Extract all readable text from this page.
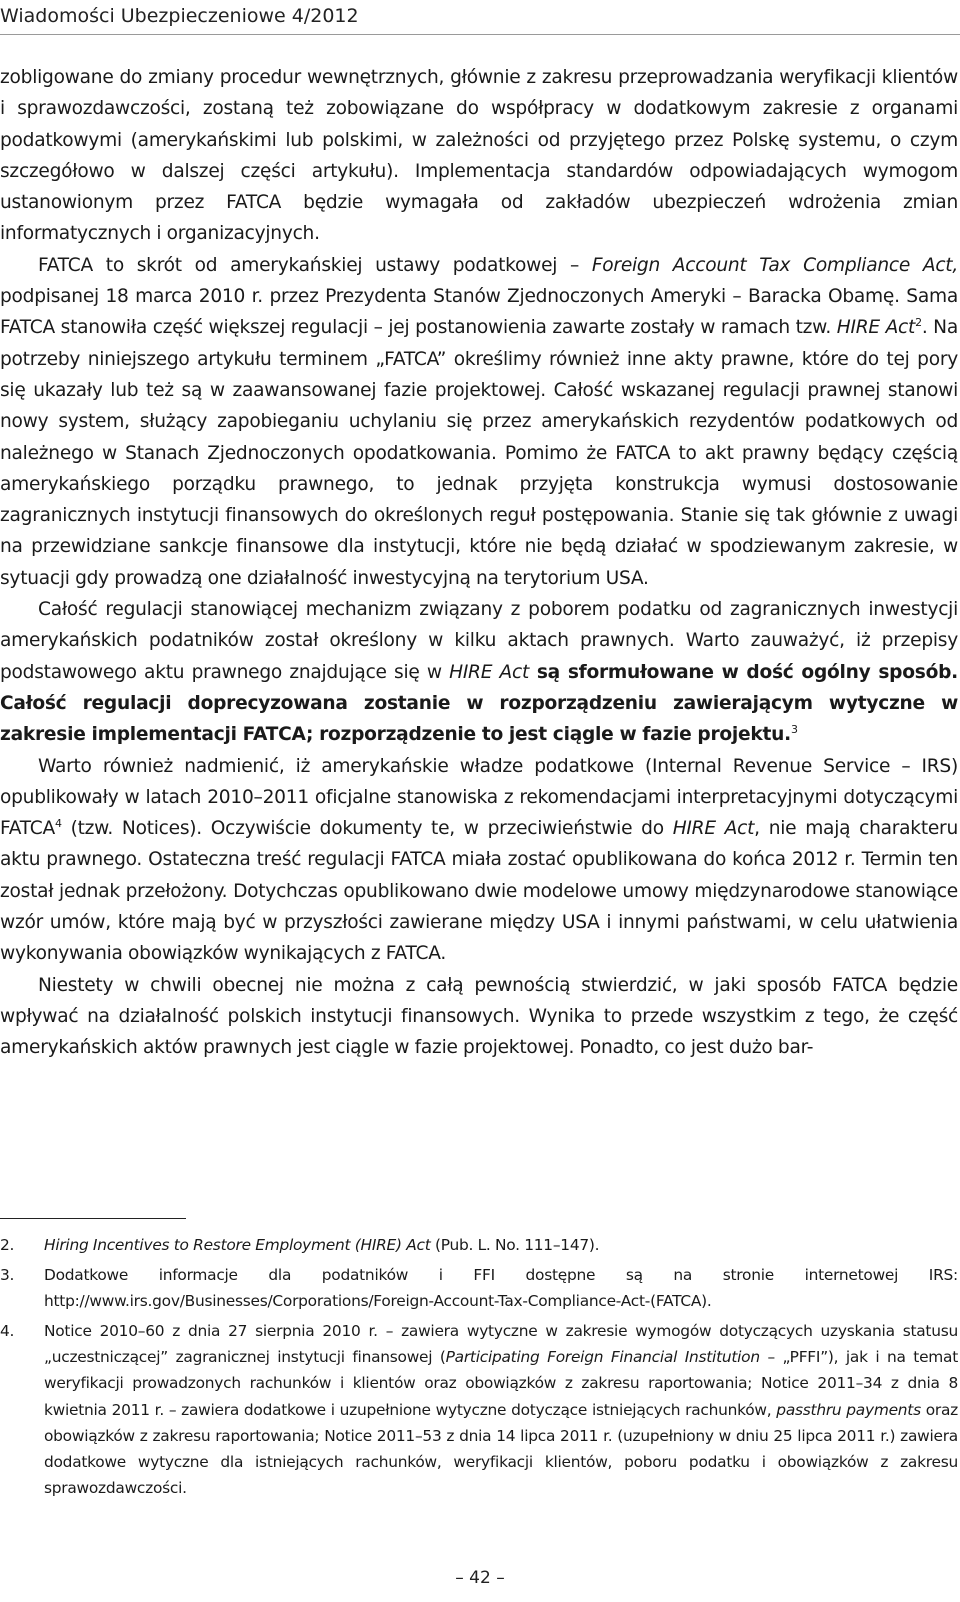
Wiadomości Ubezpieczeniowe 4/2012

zobligowane do zmiany procedur wewnętrznych, głównie z zakresu przeprowadzania weryfikacji klientów i sprawozdawczości, zostaną też zobowiązane do współpracy w dodatkowym zakresie z organami podatkowymi (amerykańskimi lub polskimi, w zależności od przyjętego przez Polskę systemu, o czym szczegółowo w dalszej części artykułu). Implementacja standardów odpowiadających wymogom ustanowionym przez FATCA będzie wymagała od zakładów ubezpieczeń wdrożenia zmian informatycznych i organizacyjnych.

FATCA to skrót od amerykańskiej ustawy podatkowej – Foreign Account Tax Compliance Act, podpisanej 18 marca 2010 r. przez Prezydenta Stanów Zjednoczonych Ameryki – Baracka Obamę. Sama FATCA stanowiła część większej regulacji – jej postanowienia zawarte zostały w ramach tzw. HIRE Act$^2$. Na potrzeby niniejszego artykułu terminem „FATCA” określimy również inne akty prawne, które do tej pory się ukazały lub też są w zaawansowanej fazie projektowej. Całość wskazanej regulacji prawnej stanowi nowy system, służący zapobieganiu uchylaniu się przez amerykańskich rezydentów podatkowych od należnego w Stanach Zjednoczonych opodatkowania. Pomimo że FATCA to akt prawny będący częścią amerykańskiego porządku prawnego, to jednak przyjęta konstrukcja wymusi dostosowanie zagranicznych instytucji finansowych do określonych reguł postępowania. Stanie się tak głównie z uwagi na przewidziane sankcje finansowe dla instytucji, które nie będą działać w spodziewanym zakresie, w sytuacji gdy prowadzą one działalność inwestycyjną na terytorium USA.

Całość regulacji stanowiącej mechanizm związany z poborem podatku od zagranicznych inwestycji amerykańskich podatników został określony w kilku aktach prawnych. Warto zauważyć, iż przepisy podstawowego aktu prawnego znajdujące się w HIRE Act są sformułowane w dość ogólny sposób. Całość regulacji doprecyzowana zostanie w rozporządzeniu zawierającym wytyczne w zakresie implementacji FATCA; rozporządzenie to jest ciągle w fazie projektu.$^3$

Warto również nadmienić, iż amerykańskie władze podatkowe (Internal Revenue Service – IRS) opublikowały w latach 2010–2011 oficjalne stanowiska z rekomendacjami interpretacyjnymi dotyczącymi FATCA$^4$ (tzw. Notices). Oczywiście dokumenty te, w przeciwieństwie do HIRE Act, nie mają charakteru aktu prawnego. Ostateczna treść regulacji FATCA miała zostać opublikowana do końca 2012 r. Termin ten został jednak przełożony. Dotychczas opublikowano dwie modelowe umowy międzynarodowe stanowiące wzór umów, które mają być w przyszłości zawierane między USA i innymi państwami, w celu ułatwienia wykonywania obowiązków wynikających z FATCA.

Niestety w chwili obecnej nie można z całą pewnością stwierdzić, w jaki sposób FATCA będzie wpływać na działalność polskich instytucji finansowych. Wynika to przede wszystkim z tego, że część amerykańskich aktów prawnych jest ciągle w fazie projektowej. Ponadto, co jest dużo bar-

2.	Hiring Incentives to Restore Employment (HIRE) Act (Pub. L. No. 111–147).
3.	Dodatkowe informacje dla podatników i FFI dostępne są na stronie internetowej IRS: http://www.irs.gov/Businesses/Corporations/Foreign-Account-Tax-Compliance-Act-(FATCA).
4.	Notice 2010–60 z dnia 27 sierpnia 2010 r. – zawiera wytyczne w zakresie wymogów dotyczących uzyskania statusu „uczestniczącej” zagranicznej instytucji finansowej (Participating Foreign Financial Institution – „PFFI”), jak i na temat weryfikacji prowadzonych rachunków i klientów oraz obowiązków z zakresu raportowania; Notice 2011–34 z dnia 8 kwietnia 2011 r. – zawiera dodatkowe i uzupełnione wytyczne dotyczące istniejących rachunków, passthru payments oraz obowiązków z zakresu raportowania; Notice 2011–53 z dnia 14 lipca 2011 r. (uzupełniony w dniu 25 lipca 2011 r.) zawiera dodatkowe wytyczne dla istniejących rachunków, weryfikacji klientów, poboru podatku i obowiązków z zakresu sprawozdawczości.
– 42 –
